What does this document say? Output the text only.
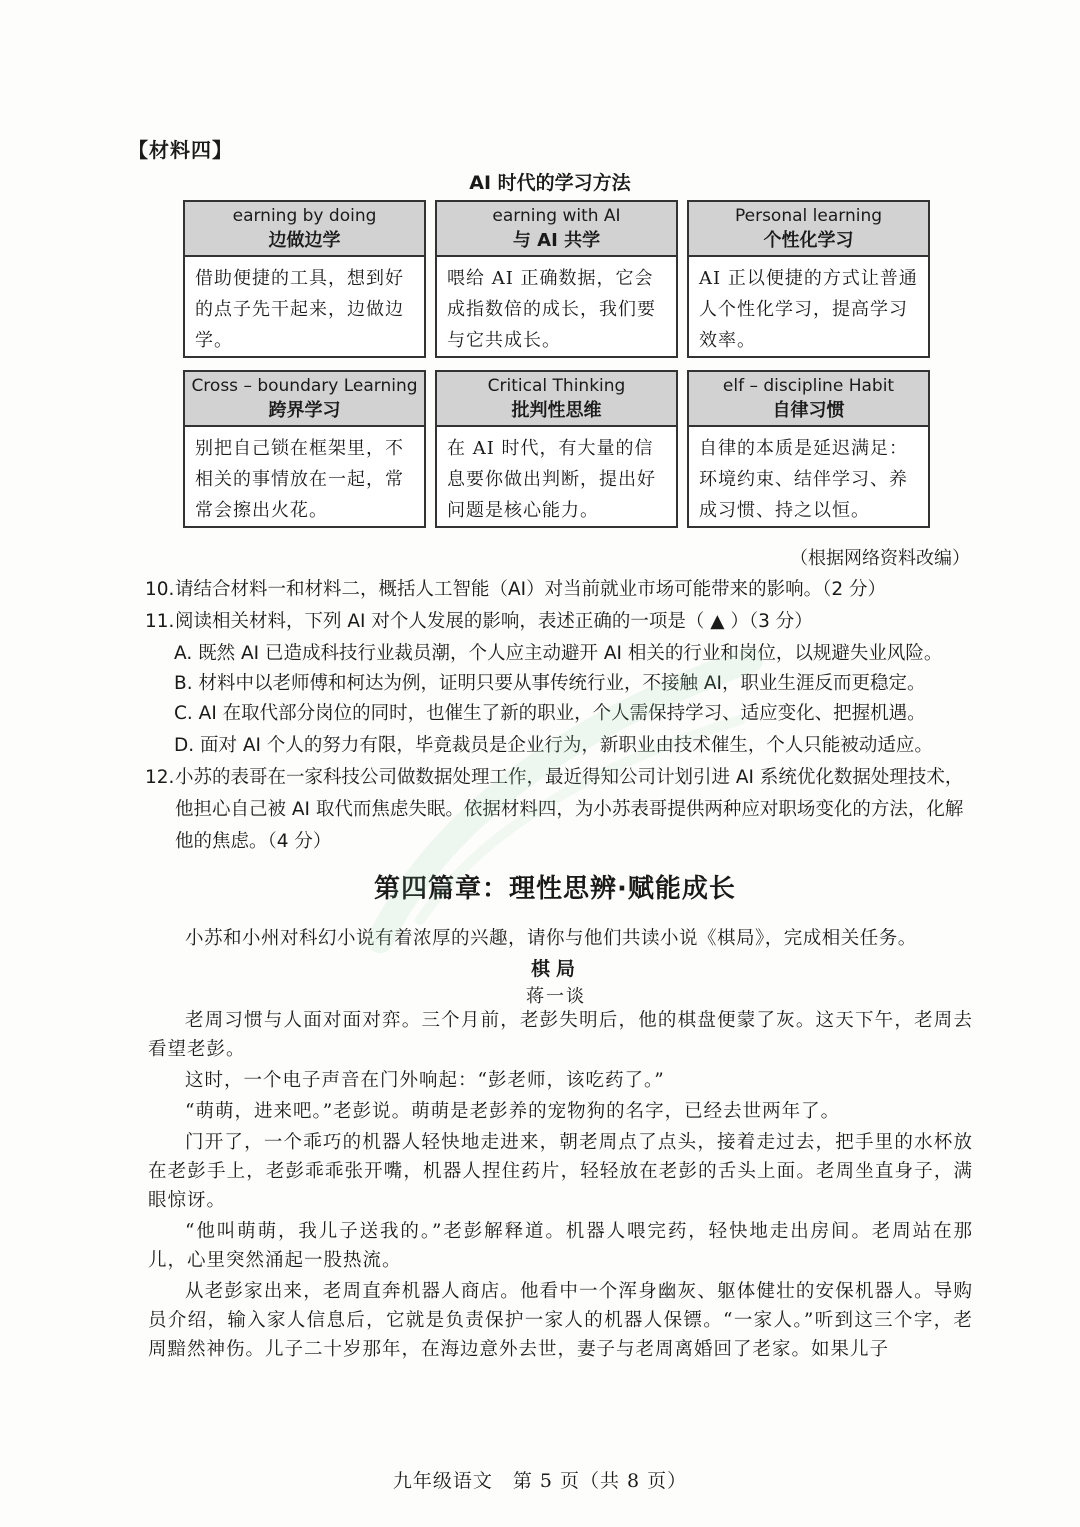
【材料四】
AI 时代的学习方法
earning by doing
边做边学
借助便捷的工具，想到好的点子先干起来，边做边学。
earning with AI
与 AI 共学
喂给 AI 正确数据，它会成指数倍的成长，我们要与它共成长。
Personal learning
个性化学习
AI 正以便捷的方式让普通人个性化学习，提高学习效率。
Cross – boundary Learning
跨界学习
别把自己锁在框架里，不相关的事情放在一起，常常会擦出火花。
Critical Thinking
批判性思维
在 AI 时代，有大量的信息要你做出判断，提出好问题是核心能力。
elf – discipline Habit
自律习惯
自律的本质是延迟满足：环境约束、结伴学习、养成习惯、持之以恒。
（根据网络资料改编）
10. 请结合材料一和材料二，概括人工智能（AI）对当前就业市场可能带来的影响。（2 分）
11. 阅读相关材料，下列 AI 对个人发展的影响，表述正确的一项是（ ▲ ）（3 分）
A. 既然 AI 已造成科技行业裁员潮，个人应主动避开 AI 相关的行业和岗位，以规避失业风险。
B. 材料中以老师傅和柯达为例，证明只要从事传统行业，不接触 AI，职业生涯反而更稳定。
C. AI 在取代部分岗位的同时，也催生了新的职业，个人需保持学习、适应变化、把握机遇。
D. 面对 AI 个人的努力有限，毕竟裁员是企业行为，新职业由技术催生，个人只能被动适应。
12. 小苏的表哥在一家科技公司做数据处理工作，最近得知公司计划引进 AI 系统优化数据处理技术，他担心自己被 AI 取代而焦虑失眠。依据材料四，为小苏表哥提供两种应对职场变化的方法，化解他的焦虑。（4 分）
第四篇章：理性思辨·赋能成长
小苏和小州对科幻小说有着浓厚的兴趣，请你与他们共读小说《棋局》，完成相关任务。
棋局
蒋一谈

老周习惯与人面对面对弈。三个月前，老彭失明后，他的棋盘便蒙了灰。这天下午，老周去看望老彭。

这时，一个电子声音在门外响起：“彭老师，该吃药了。”

“萌萌，进来吧。”老彭说。萌萌是老彭养的宠物狗的名字，已经去世两年了。

门开了，一个乖巧的机器人轻快地走进来，朝老周点了点头，接着走过去，把手里的水杯放在老彭手上，老彭乖乖张开嘴，机器人捏住药片，轻轻放在老彭的舌头上面。老周坐直身子，满眼惊讶。

“他叫萌萌，我儿子送我的。”老彭解释道。机器人喂完药，轻快地走出房间。老周站在那儿，心里突然涌起一股热流。

从老彭家出来，老周直奔机器人商店。他看中一个浑身幽灰、躯体健壮的安保机器人。导购员介绍，输入家人信息后，它就是负责保护一家人的机器人保镖。“一家人。”听到这三个字，老周黯然神伤。儿子二十岁那年，在海边意外去世，妻子与老周离婚回了老家。如果儿子

九年级语文　第 5 页（共 8 页）
